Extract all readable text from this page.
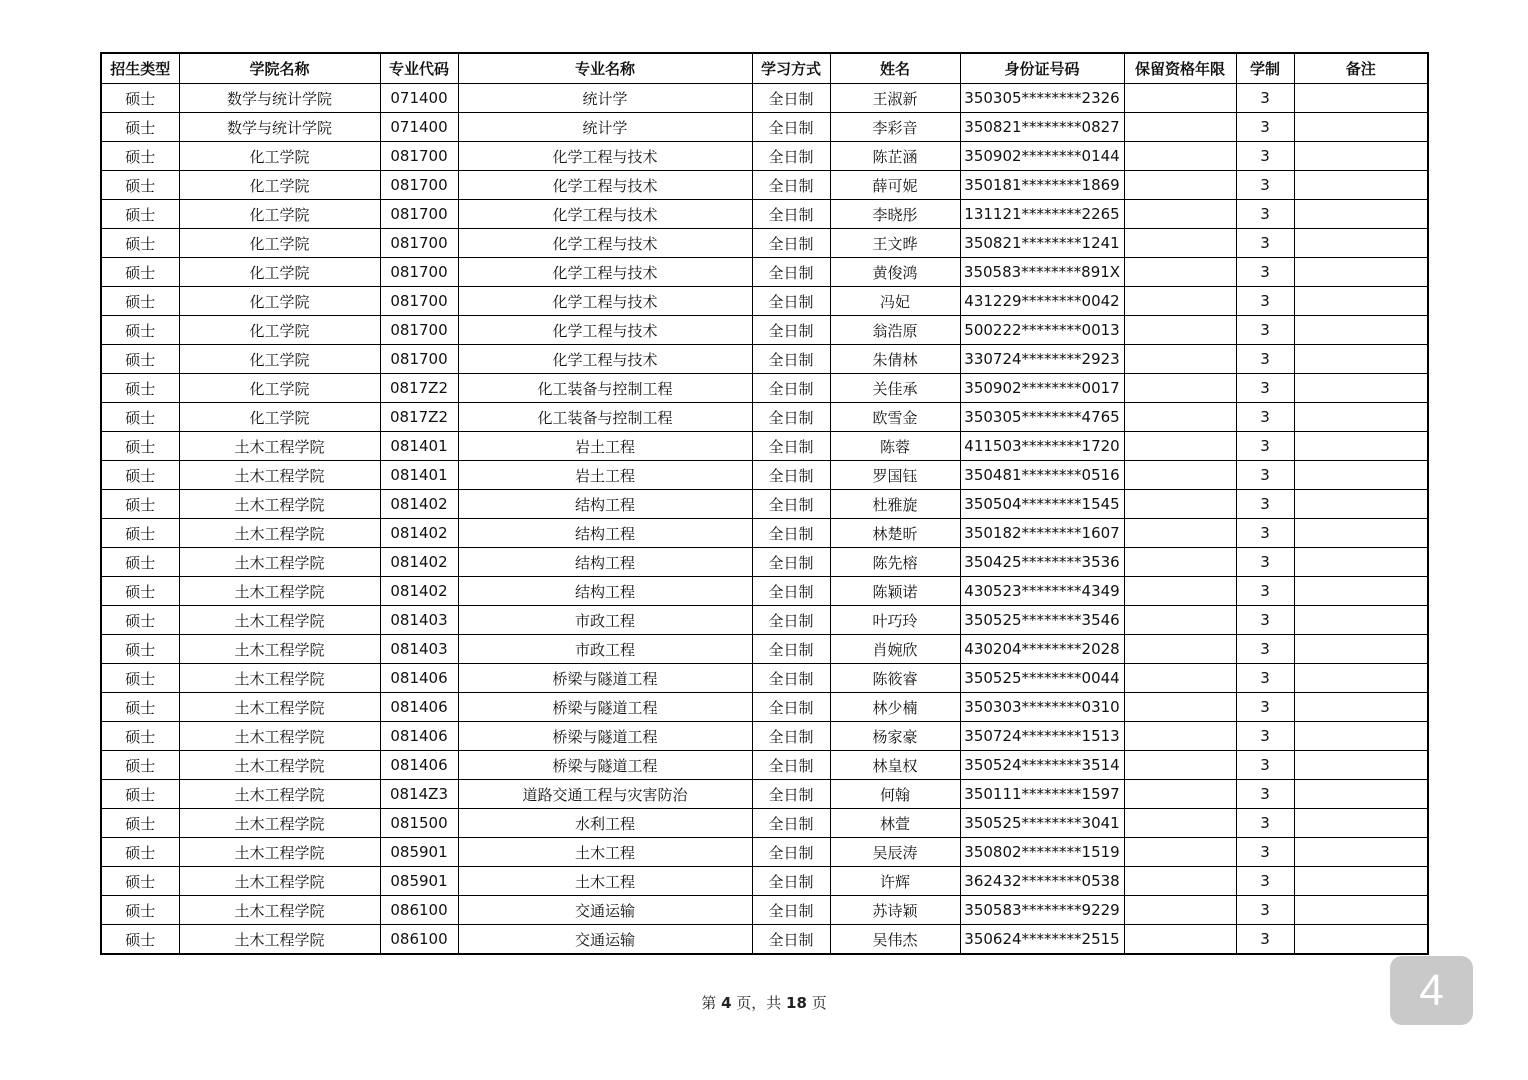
招生类型	学院名称	专业代码	专业名称	学习方式	姓名	身份证号码	保留资格年限	学制	备注
硕士	数学与统计学院	071400	统计学	全日制	王淑新	350305********2326		3	
硕士	数学与统计学院	071400	统计学	全日制	李彩音	350821********0827		3	
硕士	化工学院	081700	化学工程与技术	全日制	陈芷涵	350902********0144		3	
硕士	化工学院	081700	化学工程与技术	全日制	薛可妮	350181********1869		3	
硕士	化工学院	081700	化学工程与技术	全日制	李晓彤	131121********2265		3	
硕士	化工学院	081700	化学工程与技术	全日制	王文晔	350821********1241		3	
硕士	化工学院	081700	化学工程与技术	全日制	黄俊鸿	350583********891X		3	
硕士	化工学院	081700	化学工程与技术	全日制	冯妃	431229********0042		3	
硕士	化工学院	081700	化学工程与技术	全日制	翁浩原	500222********0013		3	
硕士	化工学院	081700	化学工程与技术	全日制	朱倩林	330724********2923		3	
硕士	化工学院	0817Z2	化工装备与控制工程	全日制	关佳承	350902********0017		3	
硕士	化工学院	0817Z2	化工装备与控制工程	全日制	欧雪金	350305********4765		3	
硕士	土木工程学院	081401	岩土工程	全日制	陈蓉	411503********1720		3	
硕士	土木工程学院	081401	岩土工程	全日制	罗国钰	350481********0516		3	
硕士	土木工程学院	081402	结构工程	全日制	杜雅旋	350504********1545		3	
硕士	土木工程学院	081402	结构工程	全日制	林楚昕	350182********1607		3	
硕士	土木工程学院	081402	结构工程	全日制	陈先榕	350425********3536		3	
硕士	土木工程学院	081402	结构工程	全日制	陈颖诺	430523********4349		3	
硕士	土木工程学院	081403	市政工程	全日制	叶巧玲	350525********3546		3	
硕士	土木工程学院	081403	市政工程	全日制	肖婉欣	430204********2028		3	
硕士	土木工程学院	081406	桥梁与隧道工程	全日制	陈筱睿	350525********0044		3	
硕士	土木工程学院	081406	桥梁与隧道工程	全日制	林少楠	350303********0310		3	
硕士	土木工程学院	081406	桥梁与隧道工程	全日制	杨家豪	350724********1513		3	
硕士	土木工程学院	081406	桥梁与隧道工程	全日制	林皇权	350524********3514		3	
硕士	土木工程学院	0814Z3	道路交通工程与灾害防治	全日制	何翰	350111********1597		3	
硕士	土木工程学院	081500	水利工程	全日制	林萱	350525********3041		3	
硕士	土木工程学院	085901	土木工程	全日制	吴辰涛	350802********1519		3	
硕士	土木工程学院	085901	土木工程	全日制	许辉	362432********0538		3	
硕士	土木工程学院	086100	交通运输	全日制	苏诗颖	350583********9229		3	
硕士	土木工程学院	086100	交通运输	全日制	吴伟杰	350624********2515		3	
第 4 页，共 18 页	4
